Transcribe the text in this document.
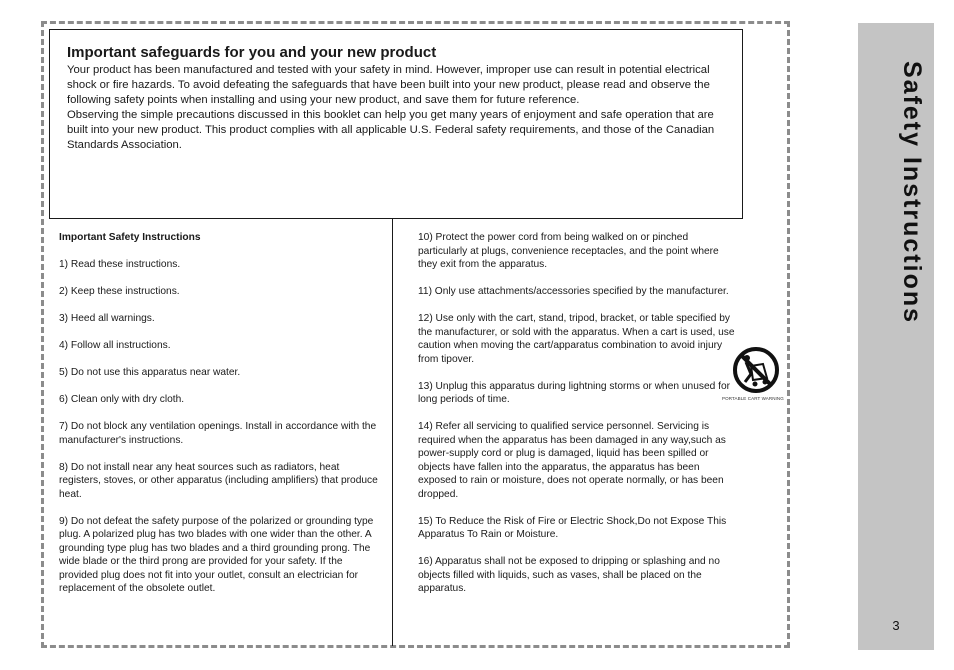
Important safeguards for you and your new product

Your product has been manufactured and tested with your safety in mind. However, improper use can result in potential electrical shock or fire hazards. To avoid defeating the safeguards that have been built into your new product, please read and observe the following safety points when installing and using your new product, and save them for future reference.

Observing the simple precautions discussed in this booklet can help you get many years of enjoyment and safe operation that are built into your new product. This product complies with all applicable U.S. Federal safety requirements, and those of the Canadian Standards Association.

Important Safety Instructions

1) Read these instructions.

2) Keep these instructions.

3) Heed all warnings.

4) Follow all instructions.

5) Do not use this apparatus near water.

6) Clean only with dry cloth.

7) Do not block any ventilation openings. Install in accordance with the manufacturer's instructions.

8) Do not install near any heat sources such as radiators, heat registers, stoves, or other apparatus (including amplifiers) that produce heat.

9) Do not defeat the safety purpose of the polarized or grounding type plug. A polarized plug has two blades with one wider than the other. A grounding type plug has two blades and a third grounding prong. The wide blade or the third prong are provided for your safety. If the provided plug does not fit into your outlet, consult an electrician for replacement of the obsolete outlet.

10) Protect the power cord from being walked on or pinched particularly at plugs, convenience receptacles, and the point where they exit from the apparatus.

11) Only use attachments/accessories specified by the manufacturer.

12) Use only with the cart, stand, tripod, bracket, or table specified by the manufacturer, or sold with the apparatus. When a cart is used, use caution when moving the cart/apparatus combination to avoid injury from tipover.

13) Unplug this apparatus during lightning storms or when unused for long periods of time.

14) Refer all servicing to qualified service personnel. Servicing is required when the apparatus has been damaged in any way,such as power-supply cord or plug is damaged, liquid has been spilled or objects have fallen into the apparatus, the apparatus has been exposed to rain or moisture, does not operate normally, or has been dropped.

15) To Reduce the Risk of Fire or Electric Shock,Do not Expose This Apparatus To Rain or Moisture.

16) Apparatus shall not be exposed to dripping or splashing and no objects filled with liquids, such as vases, shall be placed on the apparatus.

PORTABLE CART WARNING
Safety Instructions
3
